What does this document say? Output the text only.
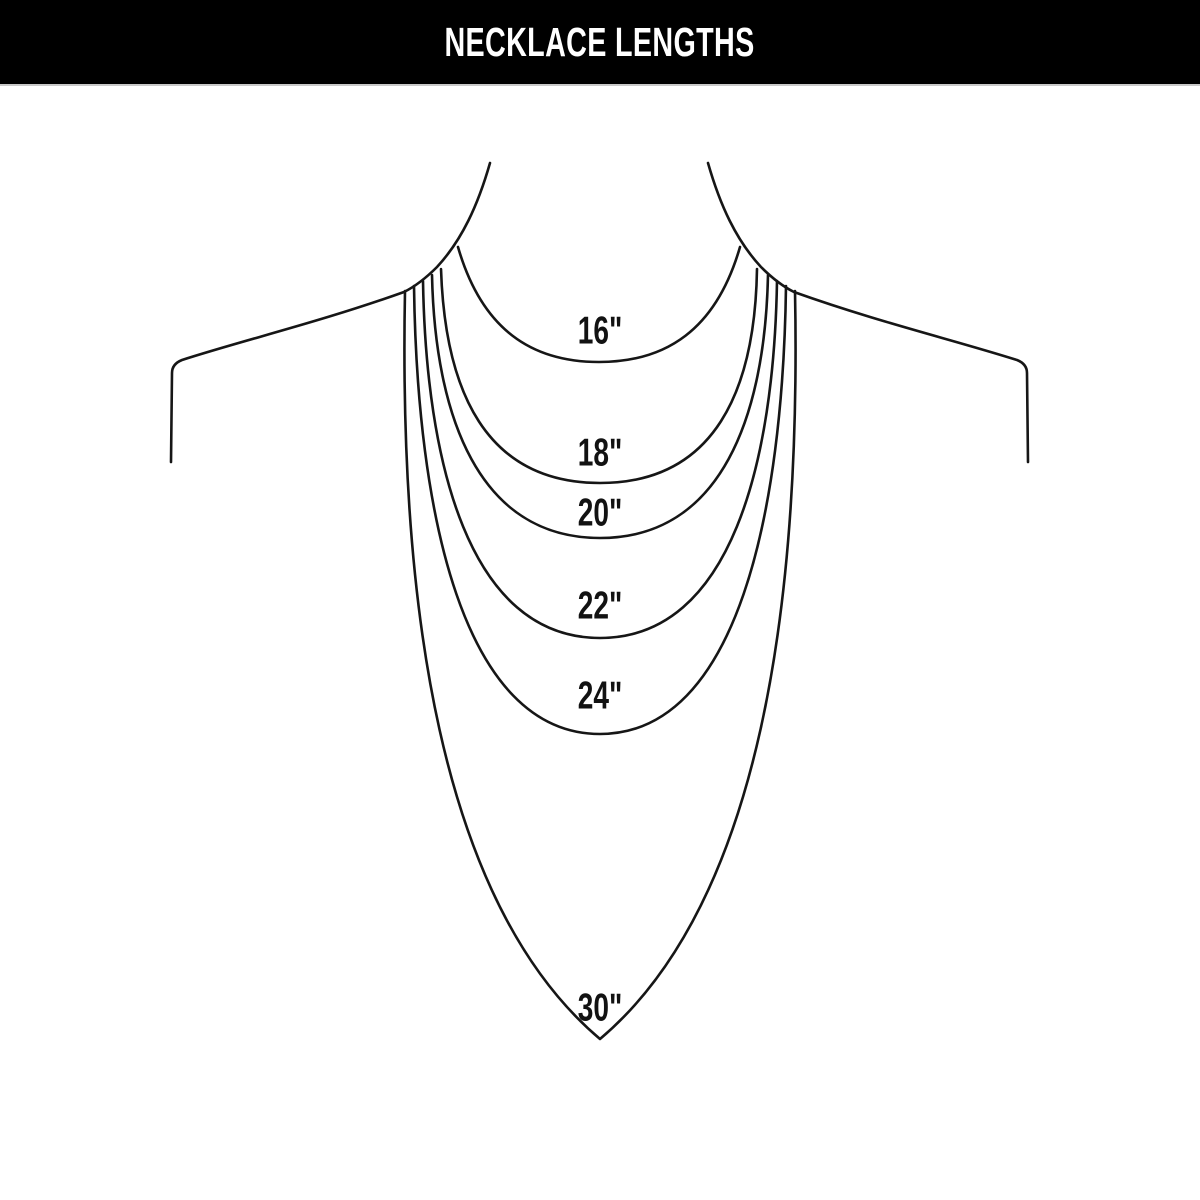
NECKLACE LENGTHS
16"
18"
20"
22"
24"
30"
